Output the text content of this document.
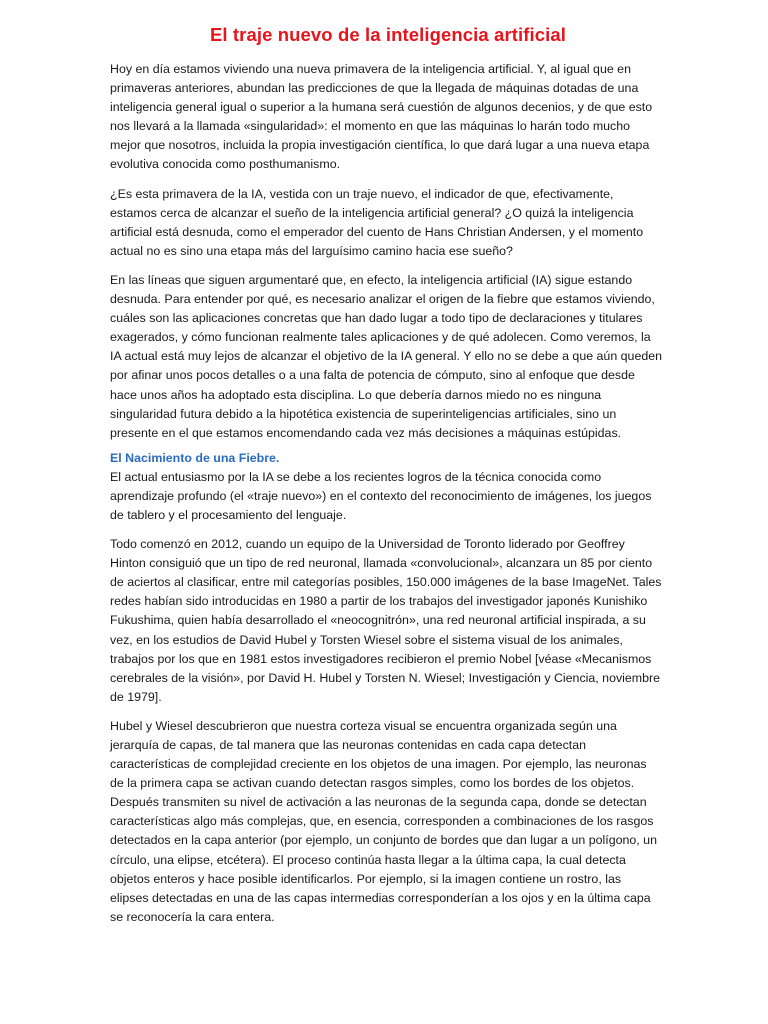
El traje nuevo de la inteligencia artificial

Hoy en día estamos viviendo una nueva primavera de la inteligencia artificial. Y, al igual que en primaveras anteriores, abundan las predicciones de que la llegada de máquinas dotadas de una inteligencia general igual o superior a la humana será cuestión de algunos decenios, y de que esto nos llevará a la llamada «singularidad»: el momento en que las máquinas lo harán todo mucho mejor que nosotros, incluida la propia investigación científica, lo que dará lugar a una nueva etapa evolutiva conocida como posthumanismo.

¿Es esta primavera de la IA, vestida con un traje nuevo, el indicador de que, efectivamente, estamos cerca de alcanzar el sueño de la inteligencia artificial general? ¿O quizá la inteligencia artificial está desnuda, como el emperador del cuento de Hans Christian Andersen, y el momento actual no es sino una etapa más del larguísimo camino hacia ese sueño?

En las líneas que siguen argumentaré que, en efecto, la inteligencia artificial (IA) sigue estando desnuda. Para entender por qué, es necesario analizar el origen de la fiebre que estamos viviendo, cuáles son las aplicaciones concretas que han dado lugar a todo tipo de declaraciones y titulares exagerados, y cómo funcionan realmente tales aplicaciones y de qué adolecen. Como veremos, la IA actual está muy lejos de alcanzar el objetivo de la IA general. Y ello no se debe a que aún queden por afinar unos pocos detalles o a una falta de potencia de cómputo, sino al enfoque que desde hace unos años ha adoptado esta disciplina. Lo que debería darnos miedo no es ninguna singularidad futura debido a la hipotética existencia de superinteligencias artificiales, sino un presente en el que estamos encomendando cada vez más decisiones a máquinas estúpidas.

El Nacimiento de una Fiebre.

El actual entusiasmo por la IA se debe a los recientes logros de la técnica conocida como aprendizaje profundo (el «traje nuevo») en el contexto del reconocimiento de imágenes, los juegos de tablero y el procesamiento del lenguaje.

Todo comenzó en 2012, cuando un equipo de la Universidad de Toronto liderado por Geoffrey Hinton consiguió que un tipo de red neuronal, llamada «convolucional», alcanzara un 85 por ciento de aciertos al clasificar, entre mil categorías posibles, 150.000 imágenes de la base ImageNet. Tales redes habían sido introducidas en 1980 a partir de los trabajos del investigador japonés Kunishiko Fukushima, quien había desarrollado el «neocognitrón», una red neuronal artificial inspirada, a su vez, en los estudios de David Hubel y Torsten Wiesel sobre el sistema visual de los animales, trabajos por los que en 1981 estos investigadores recibieron el premio Nobel [véase «Mecanismos cerebrales de la visión», por David H. Hubel y Torsten N. Wiesel; Investigación y Ciencia, noviembre de 1979].

Hubel y Wiesel descubrieron que nuestra corteza visual se encuentra organizada según una jerarquía de capas, de tal manera que las neuronas contenidas en cada capa detectan características de complejidad creciente en los objetos de una imagen. Por ejemplo, las neuronas de la primera capa se activan cuando detectan rasgos simples, como los bordes de los objetos. Después transmiten su nivel de activación a las neuronas de la segunda capa, donde se detectan características algo más complejas, que, en esencia, corresponden a combinaciones de los rasgos detectados en la capa anterior (por ejemplo, un conjunto de bordes que dan lugar a un polígono, un círculo, una elipse, etcétera). El proceso continúa hasta llegar a la última capa, la cual detecta objetos enteros y hace posible identificarlos. Por ejemplo, si la imagen contiene un rostro, las elipses detectadas en una de las capas intermedias corresponderían a los ojos y en la última capa se reconocería la cara entera.
